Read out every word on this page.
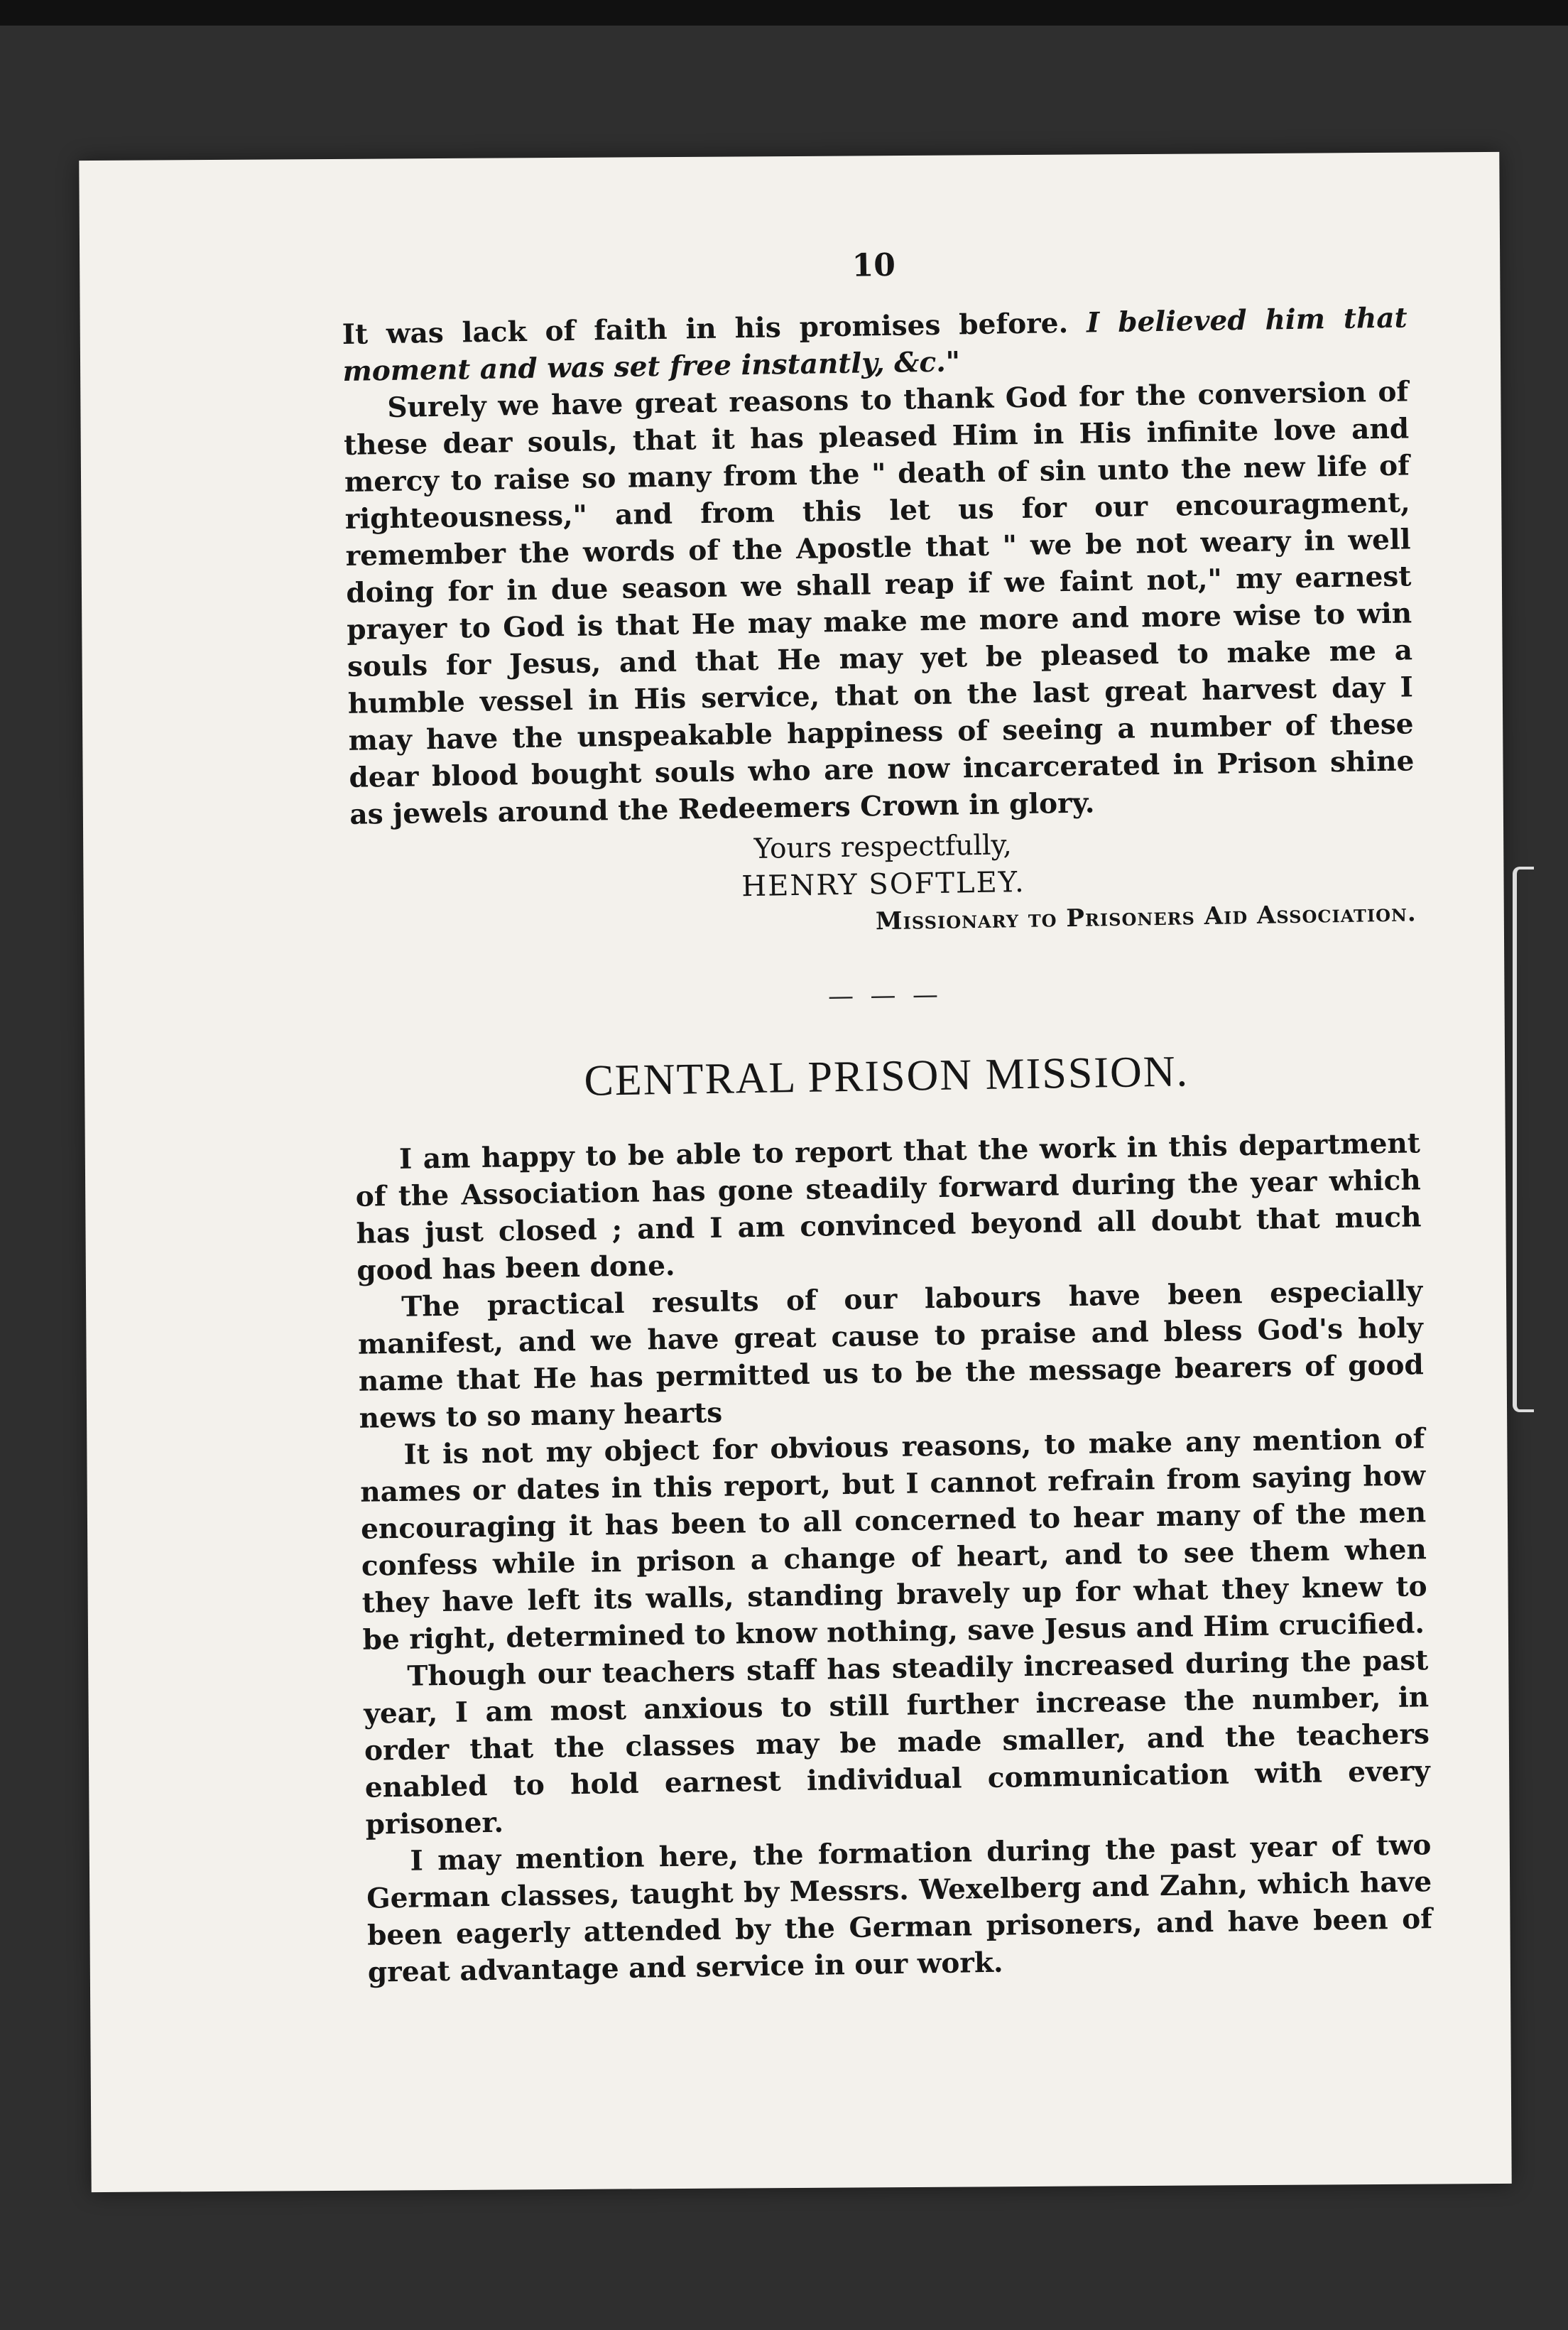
10

It was lack of faith in his promises before. I believed him that moment and was set free instantly, &c."

Surely we have great reasons to thank God for the conversion of these dear souls, that it has pleased Him in His infinite love and mercy to raise so many from the " death of sin unto the new life of righteousness," and from this let us for our encouragment, remember the words of the Apostle that " we be not weary in well doing for in due season we shall reap if we faint not," my earnest prayer to God is that He may make me more and more wise to win souls for Jesus, and that He may yet be pleased to make me a humble vessel in His service, that on the last great harvest day I may have the unspeakable happiness of seeing a number of these dear blood bought souls who are now incarcerated in Prison shine as jewels around the Redeemers Crown in glory.

Yours respectfully,
HENRY SOFTLEY.
Missionary to Prisoners Aid Association.
— — —
CENTRAL PRISON MISSION.

I am happy to be able to report that the work in this department of the Association has gone steadily forward during the year which has just closed ; and I am convinced beyond all doubt that much good has been done.

The practical results of our labours have been especially manifest, and we have great cause to praise and bless God's holy name that He has permitted us to be the message bearers of good news to so many hearts

It is not my object for obvious reasons, to make any mention of names or dates in this report, but I cannot refrain from saying how encouraging it has been to all concerned to hear many of the men confess while in prison a change of heart, and to see them when they have left its walls, standing bravely up for what they knew to be right, determined to know nothing, save Jesus and Him crucified.

Though our teachers staff has steadily increased during the past year, I am most anxious to still further increase the number, in order that the classes may be made smaller, and the teachers enabled to hold earnest individual communication with every prisoner.

I may mention here, the formation during the past year of two German classes, taught by Messrs. Wexelberg and Zahn, which have been eagerly attended by the German prisoners, and have been of great advantage and service in our work.
